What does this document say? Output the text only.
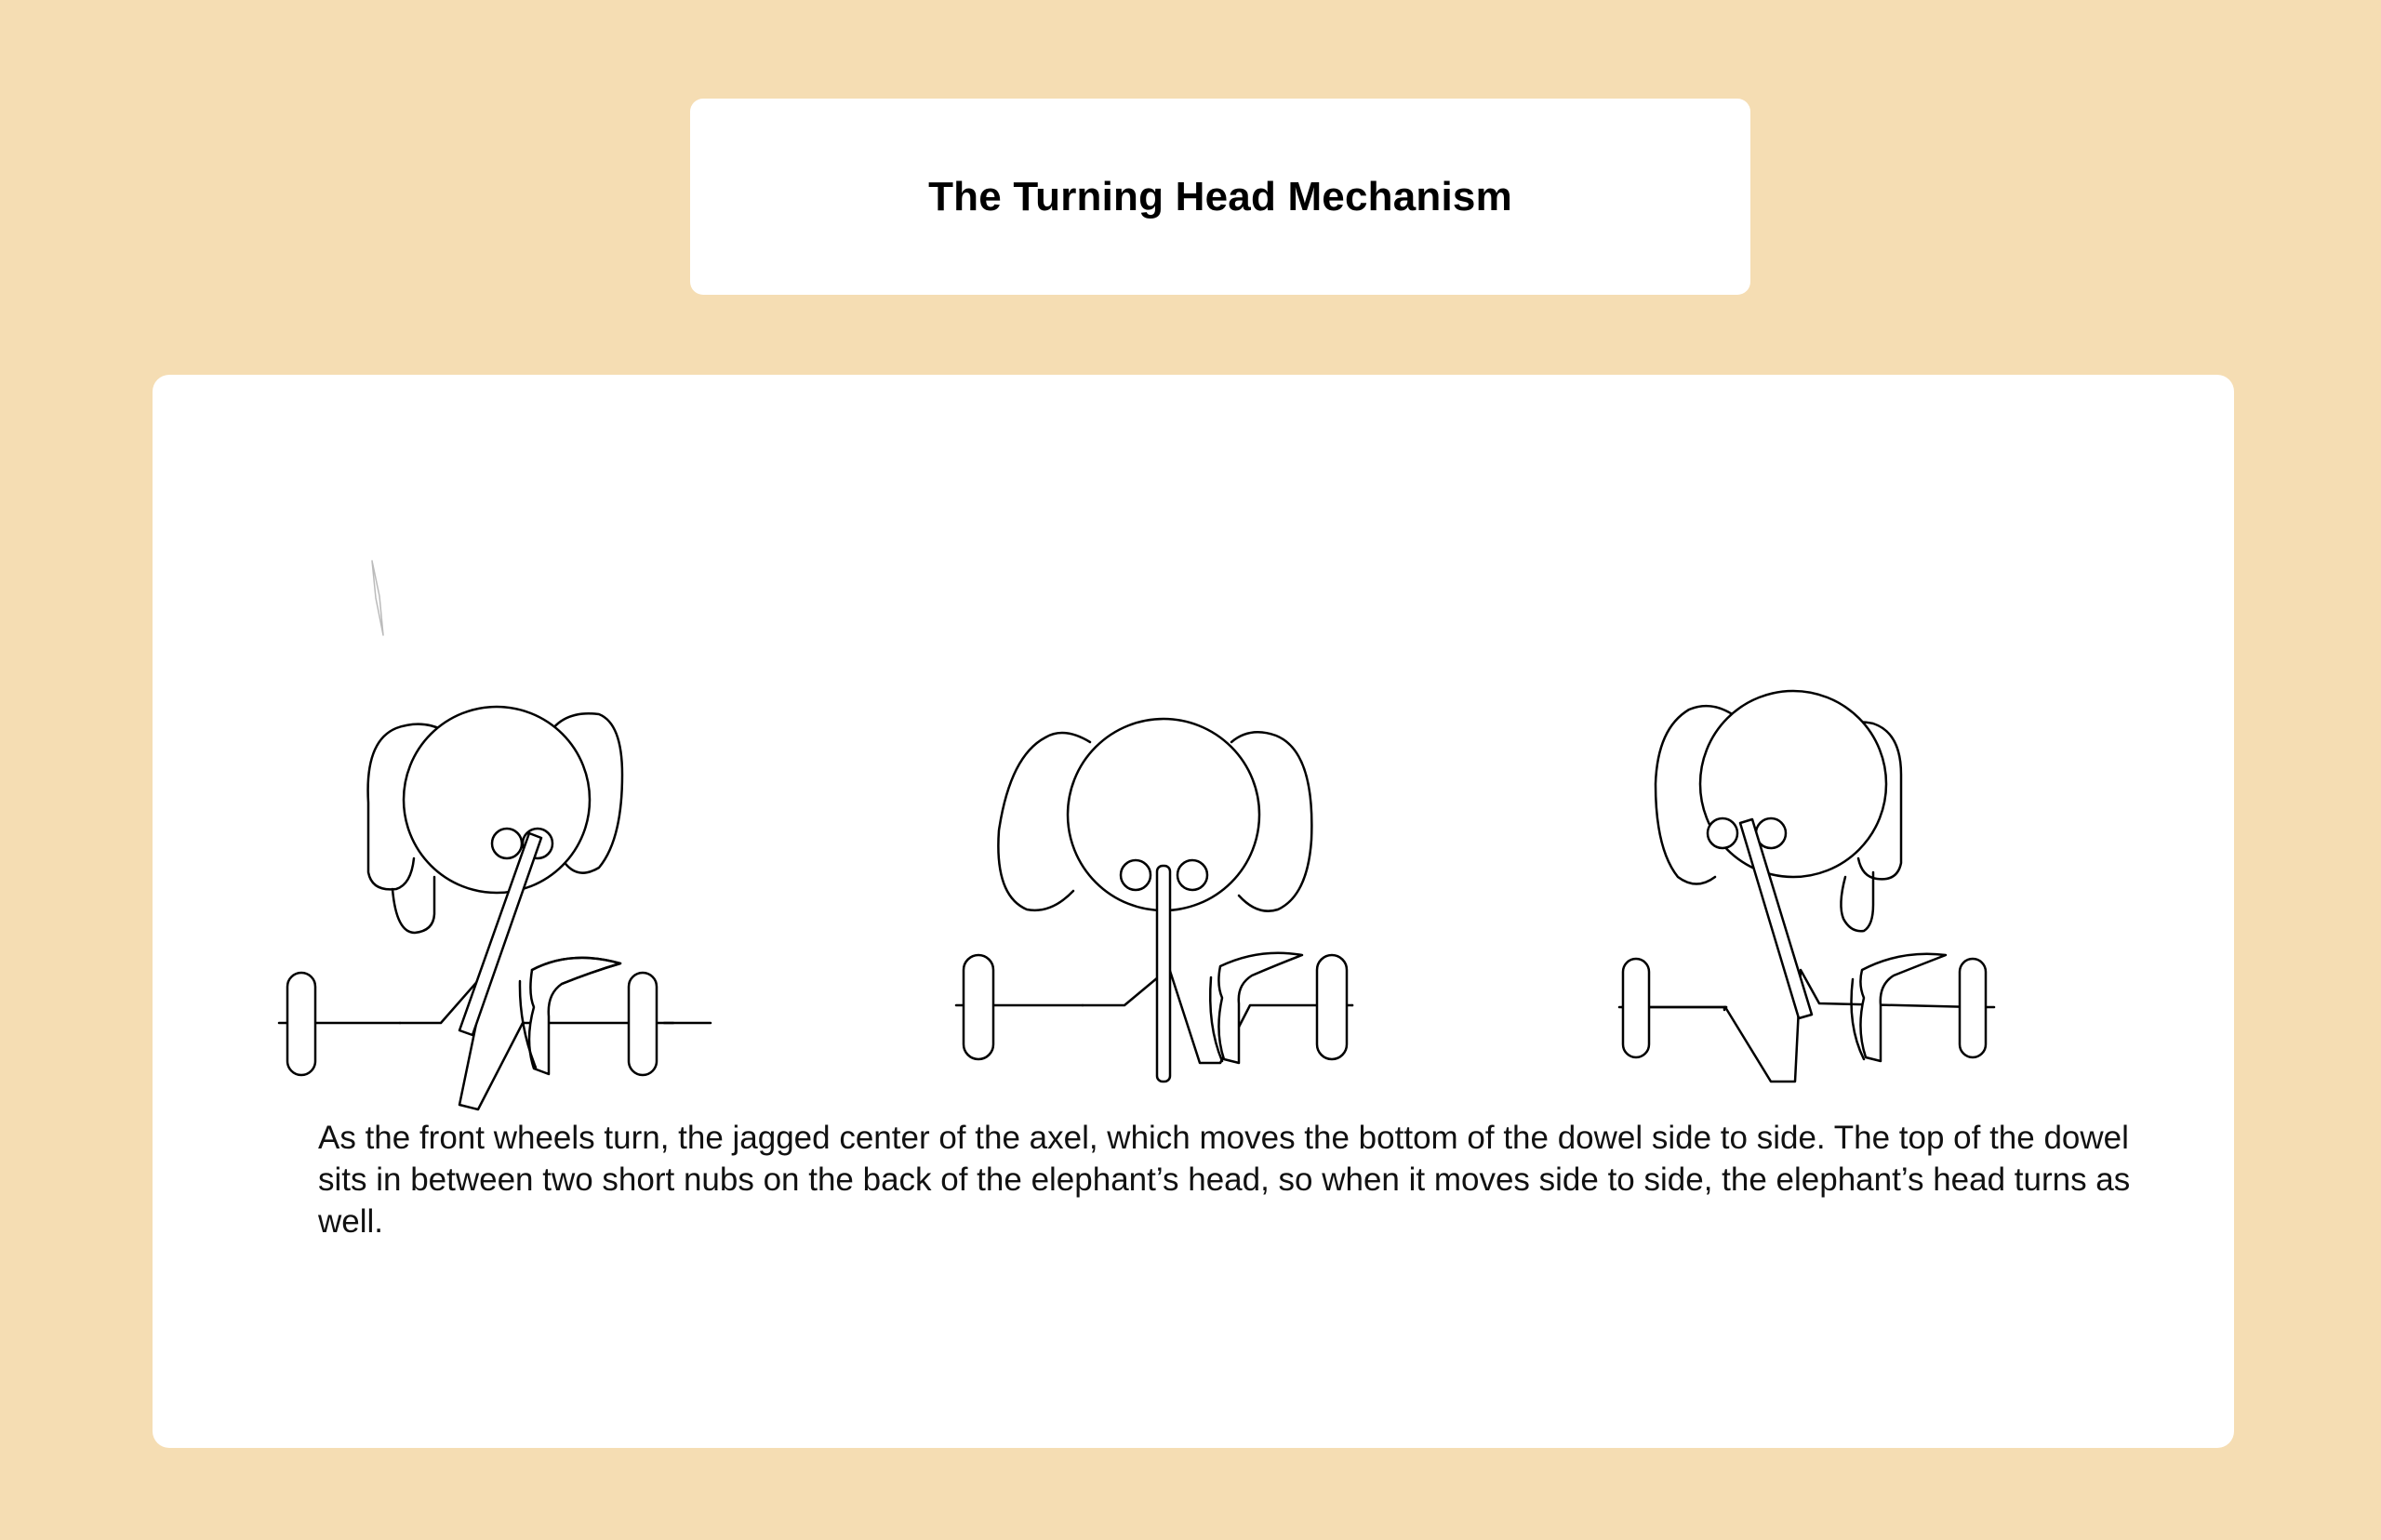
The Turning Head Mechanism

As the front wheels turn, the jagged center of the axel, which moves the bottom of the dowel side to side. The top of the dowel sits in between two short nubs on the back of the elephant’s head, so when it moves side to side, the elephant’s head turns as well.
